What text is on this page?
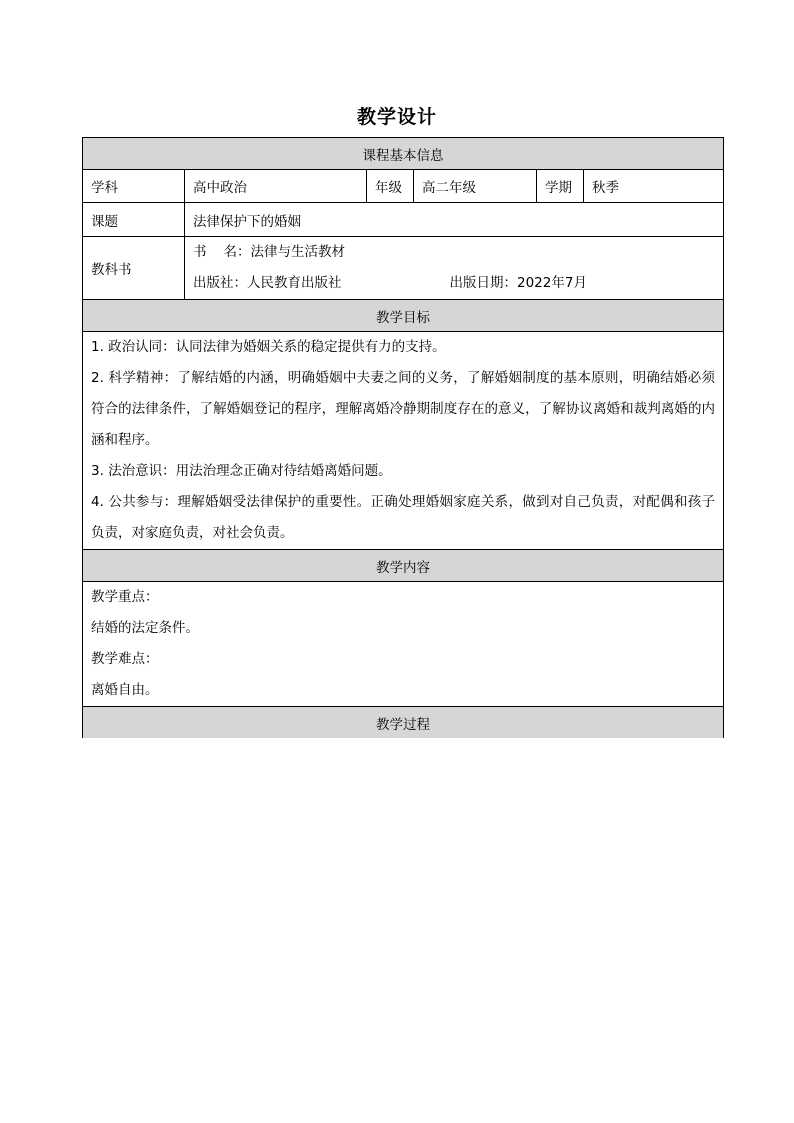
教学设计
课程基本信息					
学科	高中政治	年级	高二年级	学期	秋季
课题	法律保护下的婚姻				
教科书	书 名：法律与生活教材
出版社：人民教育出版社 出版日期：2022年7月				

教学目标					

1. 政治认同：认同法律为婚姻关系的稳定提供有力的支持。
2. 科学精神：了解结婚的内涵，明确婚姻中夫妻之间的义务，了解婚姻制度的基本原则，明确结婚必须符合的法律条件，了解婚姻登记的程序，理解离婚冷静期制度存在的意义，了解协议离婚和裁判离婚的内涵和程序。
3. 法治意识：用法治理念正确对待结婚离婚问题。
4. 公共参与：理解婚姻受法律保护的重要性。正确处理婚姻家庭关系，做到对自己负责，对配偶和孩子负责，对家庭负责，对社会负责。					

教学内容					

教学重点：
结婚的法定条件。
教学难点：
离婚自由。					

教学过程					
